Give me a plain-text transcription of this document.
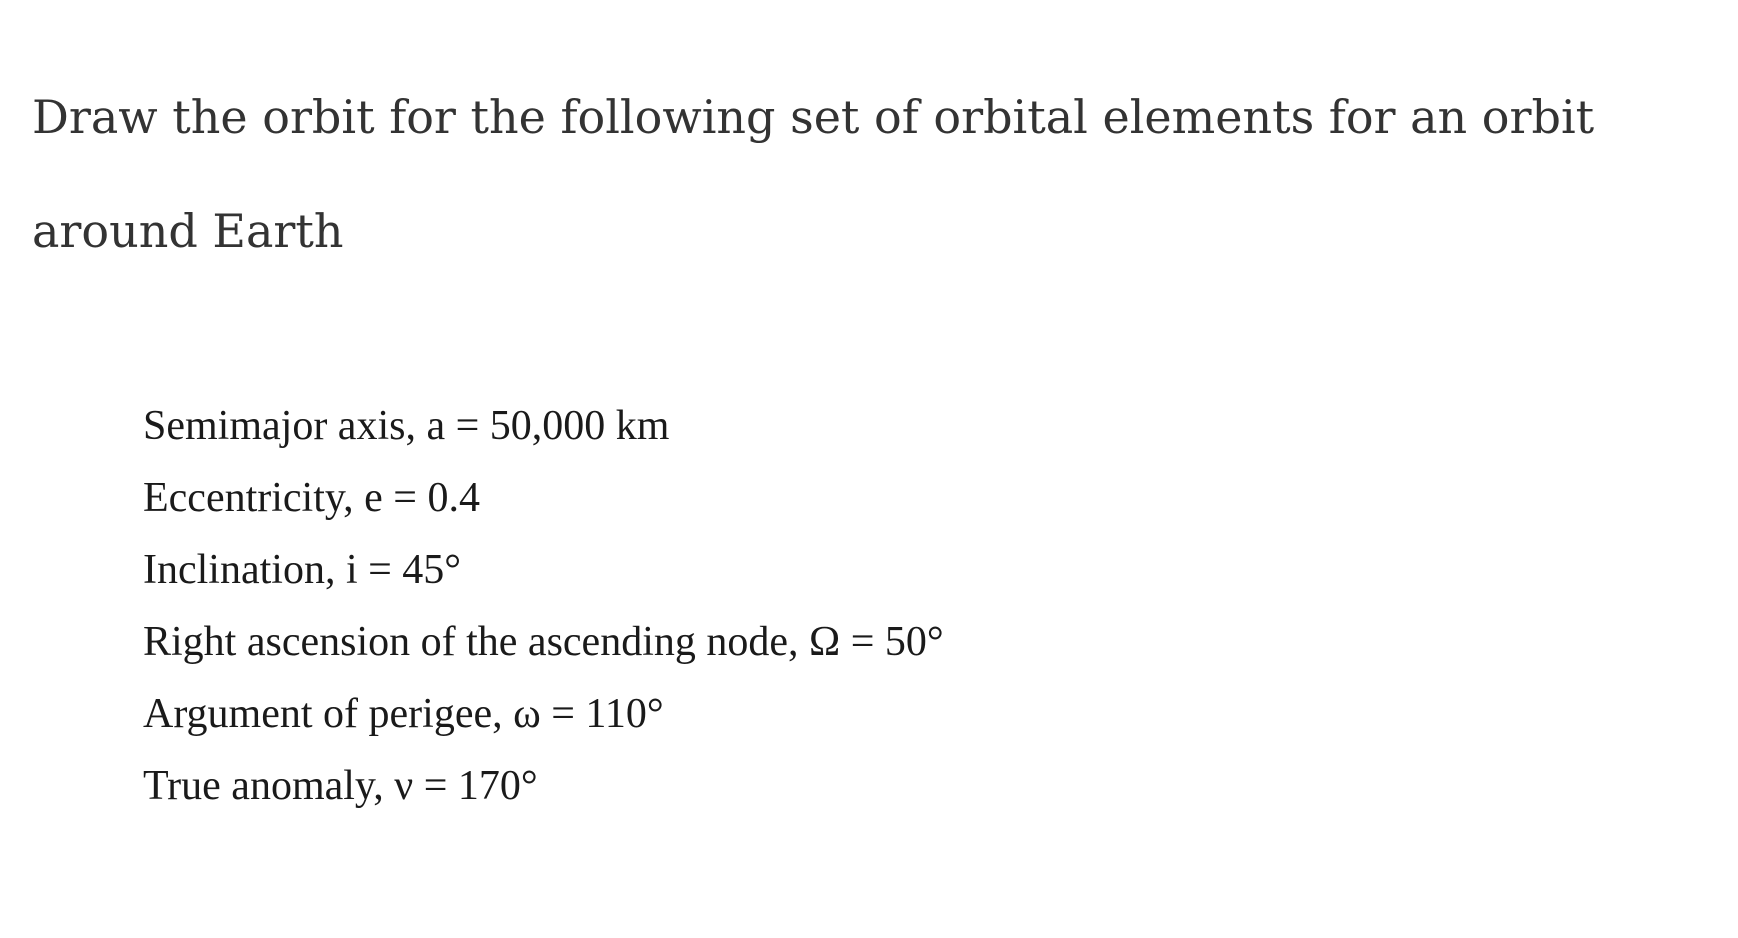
Draw the orbit for the following set of orbital elements for an orbit around Earth

Semimajor axis, a = 50,000 km
Eccentricity, e = 0.4
Inclination, i = 45°
Right ascension of the ascending node, Ω = 50°
Argument of perigee, ω = 110°
True anomaly, ν = 170°
